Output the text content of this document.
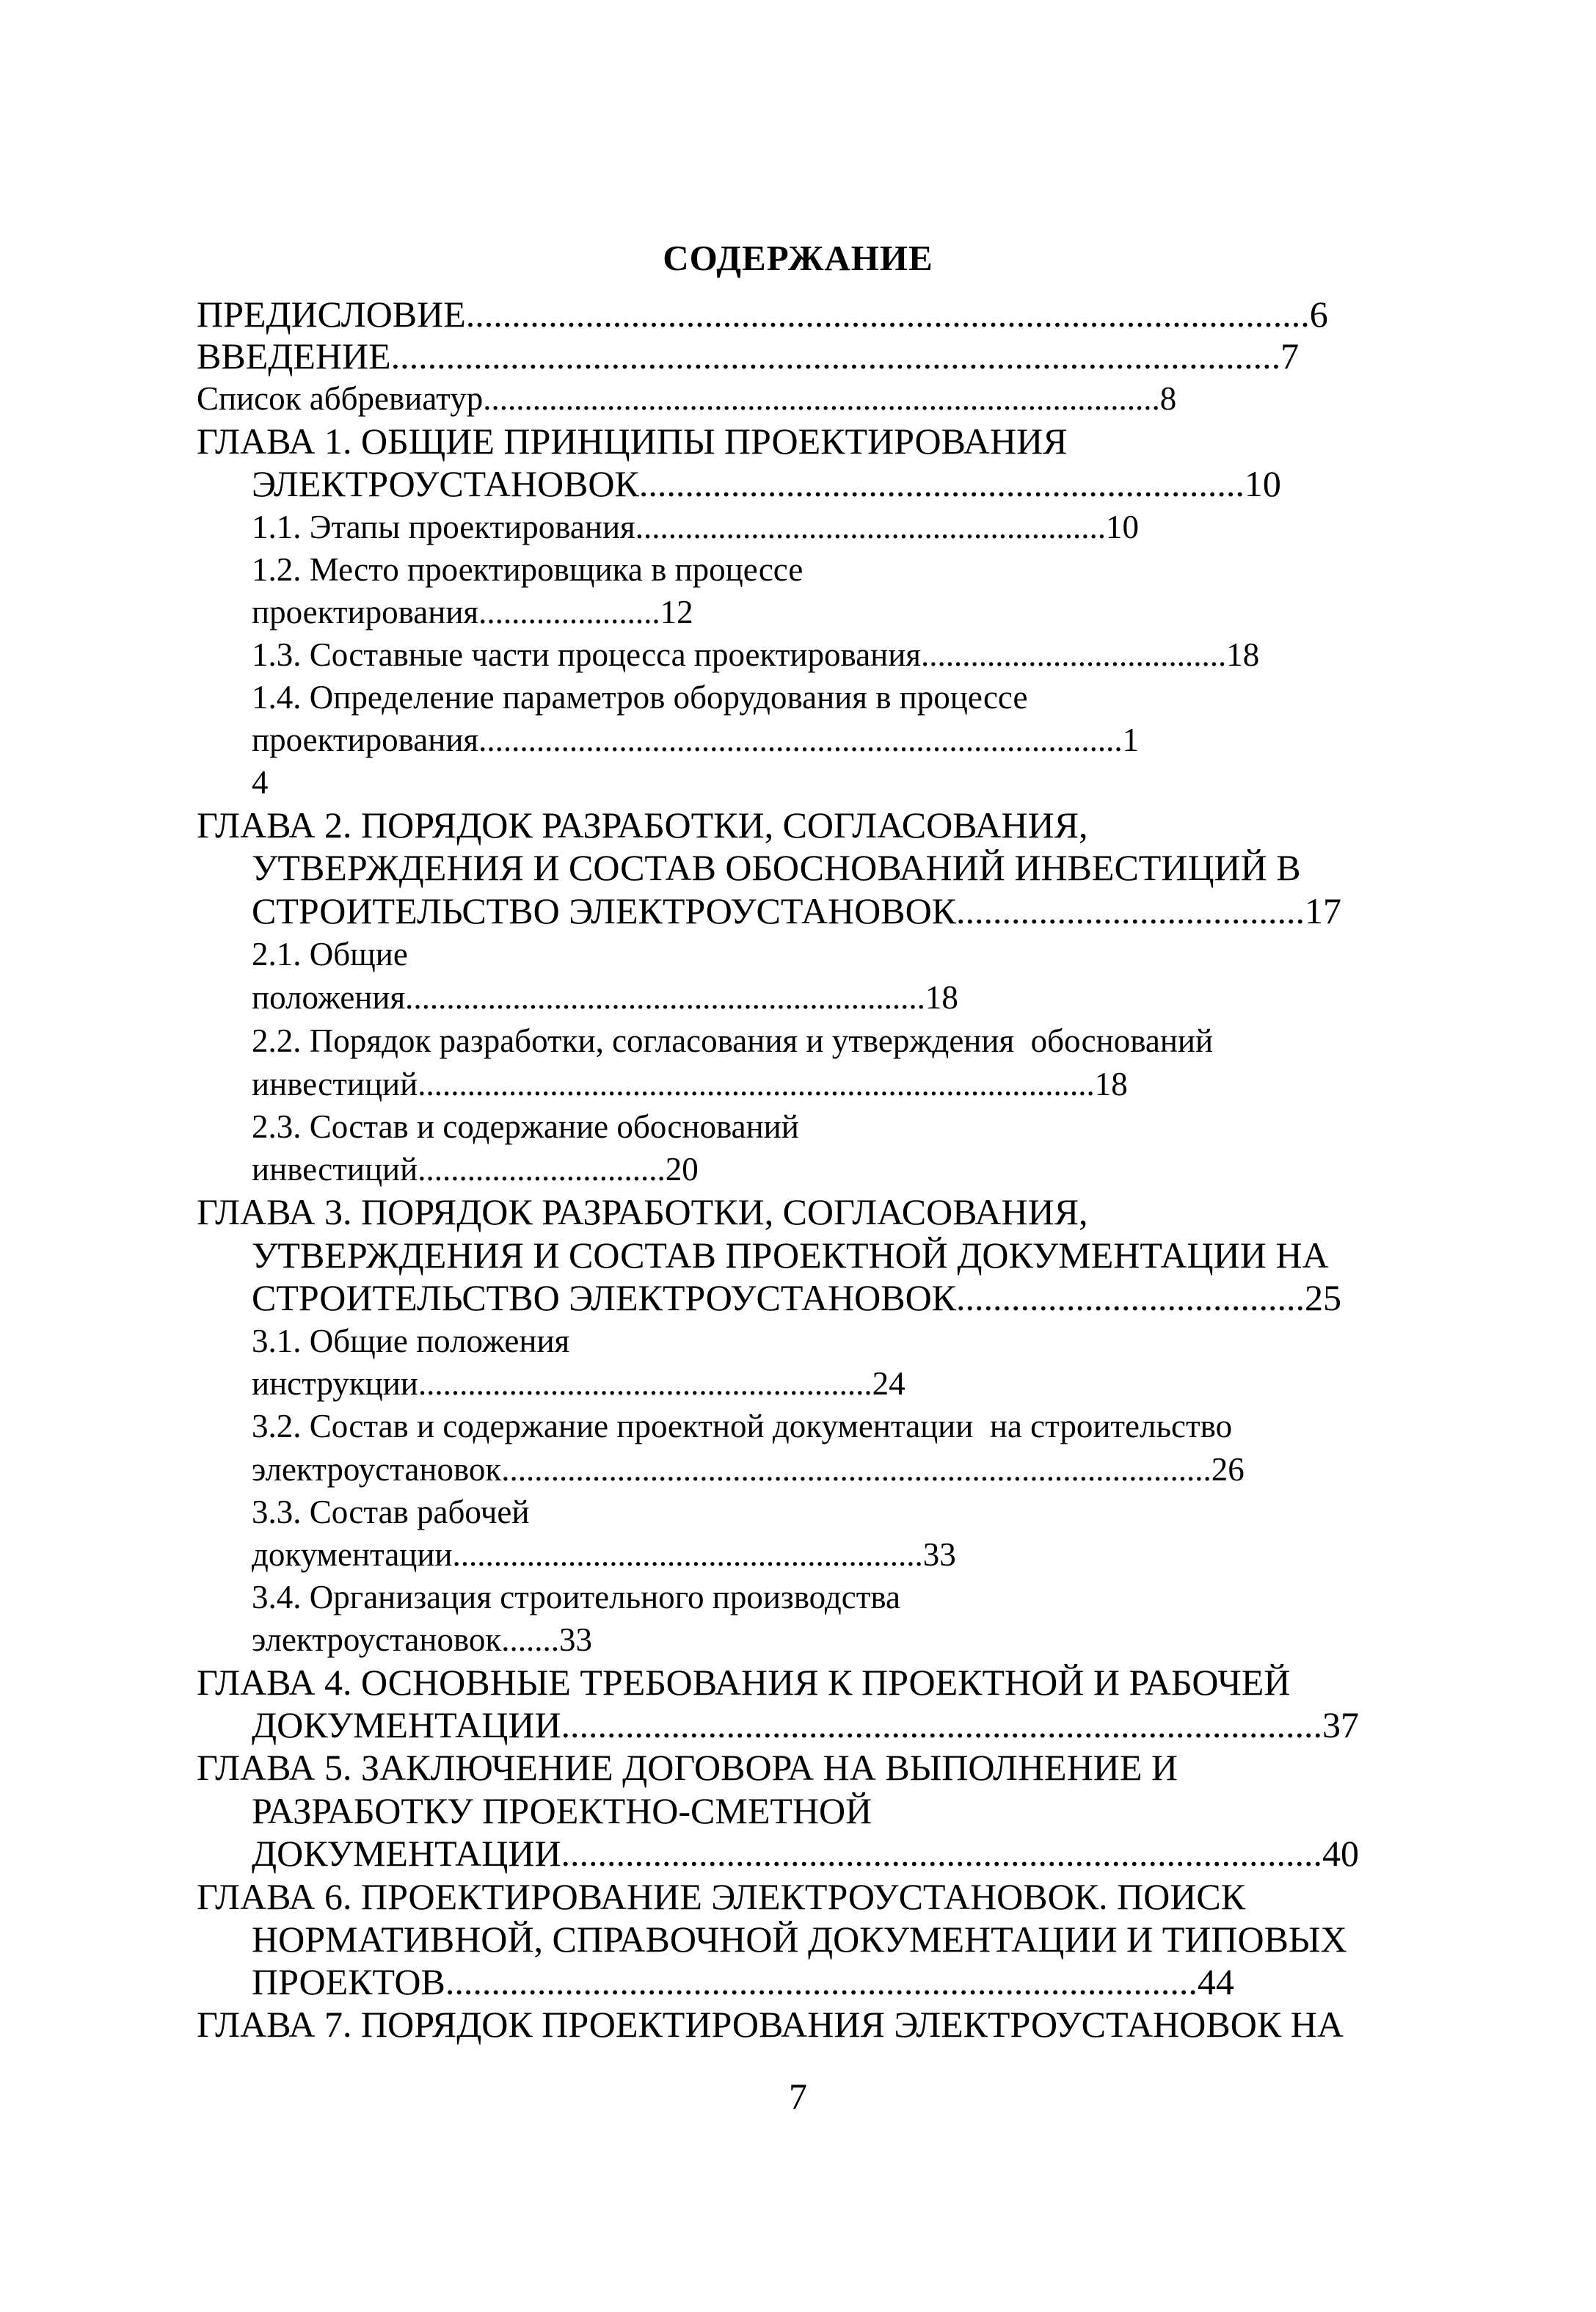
СОДЕРЖАНИЕ
ПРЕДИСЛОВИЕ............................................................................................6
ВВЕДЕНИЕ.................................................................................................7
Список аббревиатур..................................................................................8
ГЛАВА 1. ОБЩИЕ ПРИНЦИПЫ ПРОЕКТИРОВАНИЯ
ЭЛЕКТРОУСТАНОВОК..................................................................10
1.1. Этапы проектирования.........................................................10
1.2. Место проектировщика в процессе
проектирования......................12
1.3. Составные части процесса проектирования.....................................18
1.4. Определение параметров оборудования в процессе
проектирования..............................................................................1
4
ГЛАВА 2. ПОРЯДОК РАЗРАБОТКИ, СОГЛАСОВАНИЯ,
УТВЕРЖДЕНИЯ И СОСТАВ ОБОСНОВАНИЙ ИНВЕСТИЦИЙ В
СТРОИТЕЛЬСТВО ЭЛЕКТРОУСТАНОВОК......................................17
2.1. Общие
положения...............................................................18
2.2. Порядок разработки, согласования и утверждения  обоснований
инвестиций..................................................................................18
2.3. Состав и содержание обоснований
инвестиций..............................20
ГЛАВА 3. ПОРЯДОК РАЗРАБОТКИ, СОГЛАСОВАНИЯ,
УТВЕРЖДЕНИЯ И СОСТАВ ПРОЕКТНОЙ ДОКУМЕНТАЦИИ НА
СТРОИТЕЛЬСТВО ЭЛЕКТРОУСТАНОВОК......................................25
3.1. Общие положения
инструкции.......................................................24
3.2. Состав и содержание проектной документации  на строительство
электроустановок......................................................................................26
3.3. Состав рабочей
документации.........................................................33
3.4. Организация строительного производства
электроустановок.......33
ГЛАВА 4. ОСНОВНЫЕ ТРЕБОВАНИЯ К ПРОЕКТНОЙ И РАБОЧЕЙ
ДОКУМЕНТАЦИИ...................................................................................37
ГЛАВА 5. ЗАКЛЮЧЕНИЕ ДОГОВОРА НА ВЫПОЛНЕНИЕ И
РАЗРАБОТКУ ПРОЕКТНО-СМЕТНОЙ
ДОКУМЕНТАЦИИ...................................................................................40
ГЛАВА 6. ПРОЕКТИРОВАНИЕ ЭЛЕКТРОУСТАНОВОК. ПОИСК
НОРМАТИВНОЙ, СПРАВОЧНОЙ ДОКУМЕНТАЦИИ И ТИПОВЫХ
ПРОЕКТОВ..................................................................................44
ГЛАВА 7. ПОРЯДОК ПРОЕКТИРОВАНИЯ ЭЛЕКТРОУСТАНОВОК НА
7
